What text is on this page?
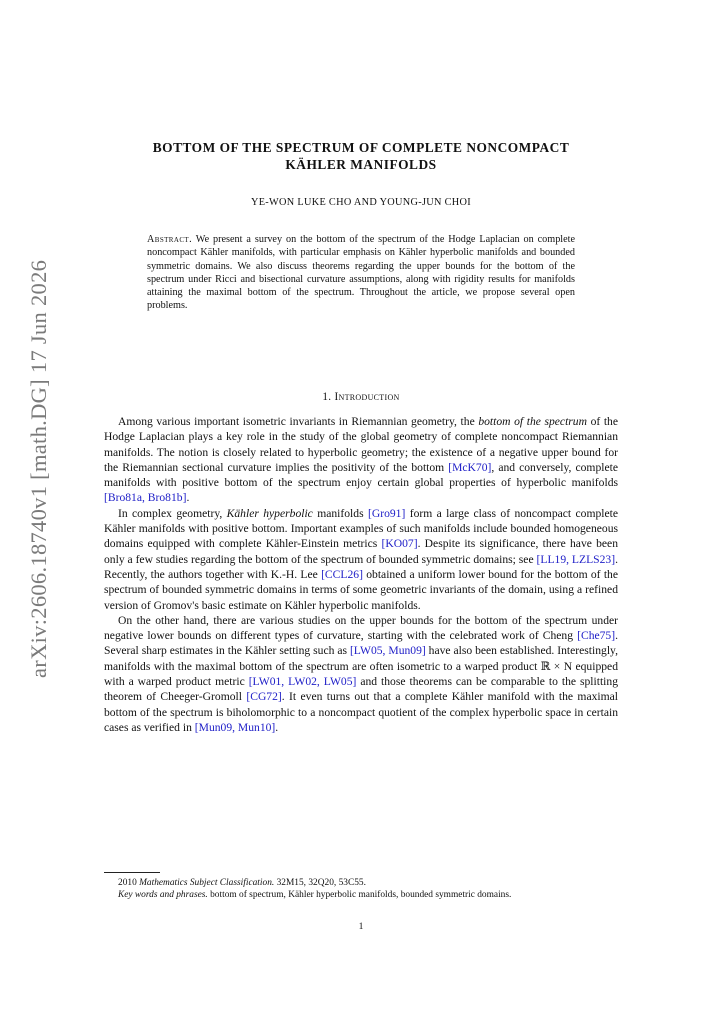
arXiv:2606.18740v1 [math.DG] 17 Jun 2026
BOTTOM OF THE SPECTRUM OF COMPLETE NONCOMPACT
KÄHLER MANIFOLDS
YE-WON LUKE CHO AND YOUNG-JUN CHOI
Abstract. We present a survey on the bottom of the spectrum of the Hodge Laplacian on complete noncompact Kähler manifolds, with particular emphasis on Kähler hyperbolic manifolds and bounded symmetric domains. We also discuss theorems regarding the upper bounds for the bottom of the spectrum under Ricci and bisectional curvature assumptions, along with rigidity results for manifolds attaining the maximal bottom of the spectrum. Throughout the article, we propose several open problems.
1. Introduction

Among various important isometric invariants in Riemannian geometry, the bottom of the spectrum of the Hodge Laplacian plays a key role in the study of the global geometry of complete noncompact Riemannian manifolds. The notion is closely related to hyperbolic geometry; the existence of a negative upper bound for the Riemannian sectional curvature implies the positivity of the bottom [McK70], and conversely, complete manifolds with positive bottom of the spectrum enjoy certain global properties of hyperbolic manifolds [Bro81a, Bro81b].

In complex geometry, Kähler hyperbolic manifolds [Gro91] form a large class of noncompact complete Kähler manifolds with positive bottom. Important examples of such manifolds include bounded homogeneous domains equipped with complete Kähler-Einstein metrics [KO07]. Despite its significance, there have been only a few studies regarding the bottom of the spectrum of bounded symmetric domains; see [LL19, LZLS23]. Recently, the authors together with K.-H. Lee [CCL26] obtained a uniform lower bound for the bottom of the spectrum of bounded symmetric domains in terms of some geometric invariants of the domain, using a refined version of Gromov's basic estimate on Kähler hyperbolic manifolds.

On the other hand, there are various studies on the upper bounds for the bottom of the spectrum under negative lower bounds on different types of curvature, starting with the celebrated work of Cheng [Che75]. Several sharp estimates in the Kähler setting such as [LW05, Mun09] have also been established. Interestingly, manifolds with the maximal bottom of the spectrum are often isometric to a warped product ℝ × N equipped with a warped product metric [LW01, LW02, LW05] and those theorems can be comparable to the splitting theorem of Cheeger-Gromoll [CG72]. It even turns out that a complete Kähler manifold with the maximal bottom of the spectrum is biholomorphic to a noncompact quotient of the complex hyperbolic space in certain cases as verified in [Mun09, Mun10].

2010 Mathematics Subject Classification. 32M15, 32Q20, 53C55.

Key words and phrases. bottom of spectrum, Kähler hyperbolic manifolds, bounded symmetric domains.

1
